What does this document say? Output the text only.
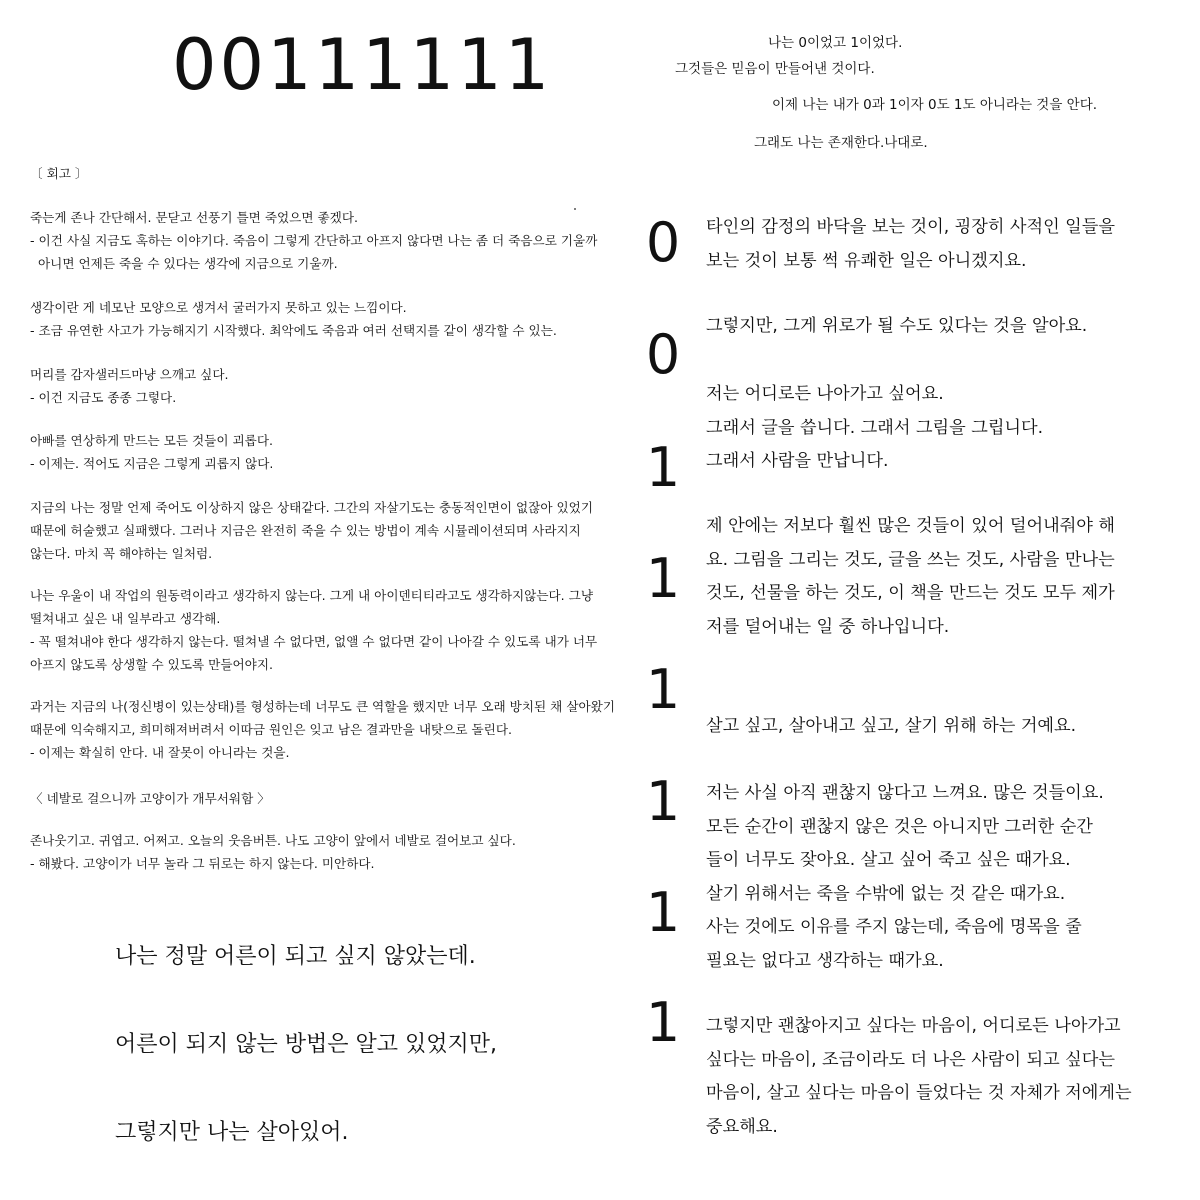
00111111	나는 0이었고 1이었다.
그것들은 믿음이 만들어낸 것이다.
이제 나는 내가 0과 1이자 0도 1도 아니라는 것을 안다.
그래도 나는 존재한다.나대로.
〔 회고 〕
죽는게 존나 간단해서. 문닫고 선풍기 틀면 죽었으면 좋겠다.
- 이건 사실 지금도 혹하는 이야기다. 죽음이 그렇게 간단하고 아프지 않다면 나는 좀 더 죽음으로 기울까
아니면 언제든 죽을 수 있다는 생각에 지금으로 기울까.
생각이란 게 네모난 모양으로 생겨서 굴러가지 못하고 있는 느낌이다.
- 조금 유연한 사고가 가능해지기 시작했다. 최악에도 죽음과 여러 선택지를 같이 생각할 수 있는.
머리를 감자샐러드마냥 으깨고 싶다.
- 이건 지금도 종종 그렇다.
아빠를 연상하게 만드는 모든 것들이 괴롭다.
- 이제는. 적어도 지금은 그렇게 괴롭지 않다.
지금의 나는 정말 언제 죽어도 이상하지 않은 상태같다. 그간의 자살기도는 충동적인면이 없잖아 있었기
때문에 허술했고 실패했다. 그러나 지금은 완전히 죽을 수 있는 방법이 계속 시뮬레이션되며 사라지지
않는다. 마치 꼭 해야하는 일처럼.
나는 우울이 내 작업의 원동력이라고 생각하지 않는다. 그게 내 아이덴티티라고도 생각하지않는다. 그냥
떨쳐내고 싶은 내 일부라고 생각해.
- 꼭 떨쳐내야 한다 생각하지 않는다. 떨쳐낼 수 없다면, 없앨 수 없다면 같이 나아갈 수 있도록 내가 너무
아프지 않도록 상생할 수 있도록 만들어야지.
과거는 지금의 나(정신병이 있는상태)를 형성하는데 너무도 큰 역할을 했지만 너무 오래 방치된 채 살아왔기
때문에 익숙해지고, 희미해져버려서 이따금 원인은 잊고 남은 결과만을 내탓으로 돌린다.
- 이제는 확실히 안다. 내 잘못이 아니라는 것을.
〈 네발로 걸으니까 고양이가 개무서워함 〉
존나웃기고. 귀엽고. 어쩌고. 오늘의 웃음버튼. 나도 고양이 앞에서 네발로 걸어보고 싶다.
- 해봤다. 고양이가 너무 놀라 그 뒤로는 하지 않는다. 미안하다.
나는 정말 어른이 되고 싶지 않았는데.
어른이 되지 않는 방법은 알고 있었지만,
그렇지만 나는 살아있어.
0
0
1
1
1
1
1
1
타인의 감정의 바닥을 보는 것이, 굉장히 사적인 일들을
보는 것이 보통 썩 유쾌한 일은 아니겠지요.
그렇지만, 그게 위로가 될 수도 있다는 것을 알아요.
저는 어디로든 나아가고 싶어요.
그래서 글을 씁니다. 그래서 그림을 그립니다.
그래서 사람을 만납니다.
제 안에는 저보다 훨씬 많은 것들이 있어 덜어내줘야 해
요. 그림을 그리는 것도, 글을 쓰는 것도, 사람을 만나는
것도, 선물을 하는 것도, 이 책을 만드는 것도 모두 제가
저를 덜어내는 일 중 하나입니다.
살고 싶고, 살아내고 싶고, 살기 위해 하는 거예요.
저는 사실 아직 괜찮지 않다고 느껴요. 많은 것들이요.
모든 순간이 괜찮지 않은 것은 아니지만 그러한 순간
들이 너무도 잦아요. 살고 싶어 죽고 싶은 때가요.
살기 위해서는 죽을 수밖에 없는 것 같은 때가요.
사는 것에도 이유를 주지 않는데, 죽음에 명목을 줄
필요는 없다고 생각하는 때가요.
그렇지만 괜찮아지고 싶다는 마음이, 어디로든 나아가고
싶다는 마음이, 조금이라도 더 나은 사람이 되고 싶다는
마음이, 살고 싶다는 마음이 들었다는 것 자체가 저에게는
중요해요.
